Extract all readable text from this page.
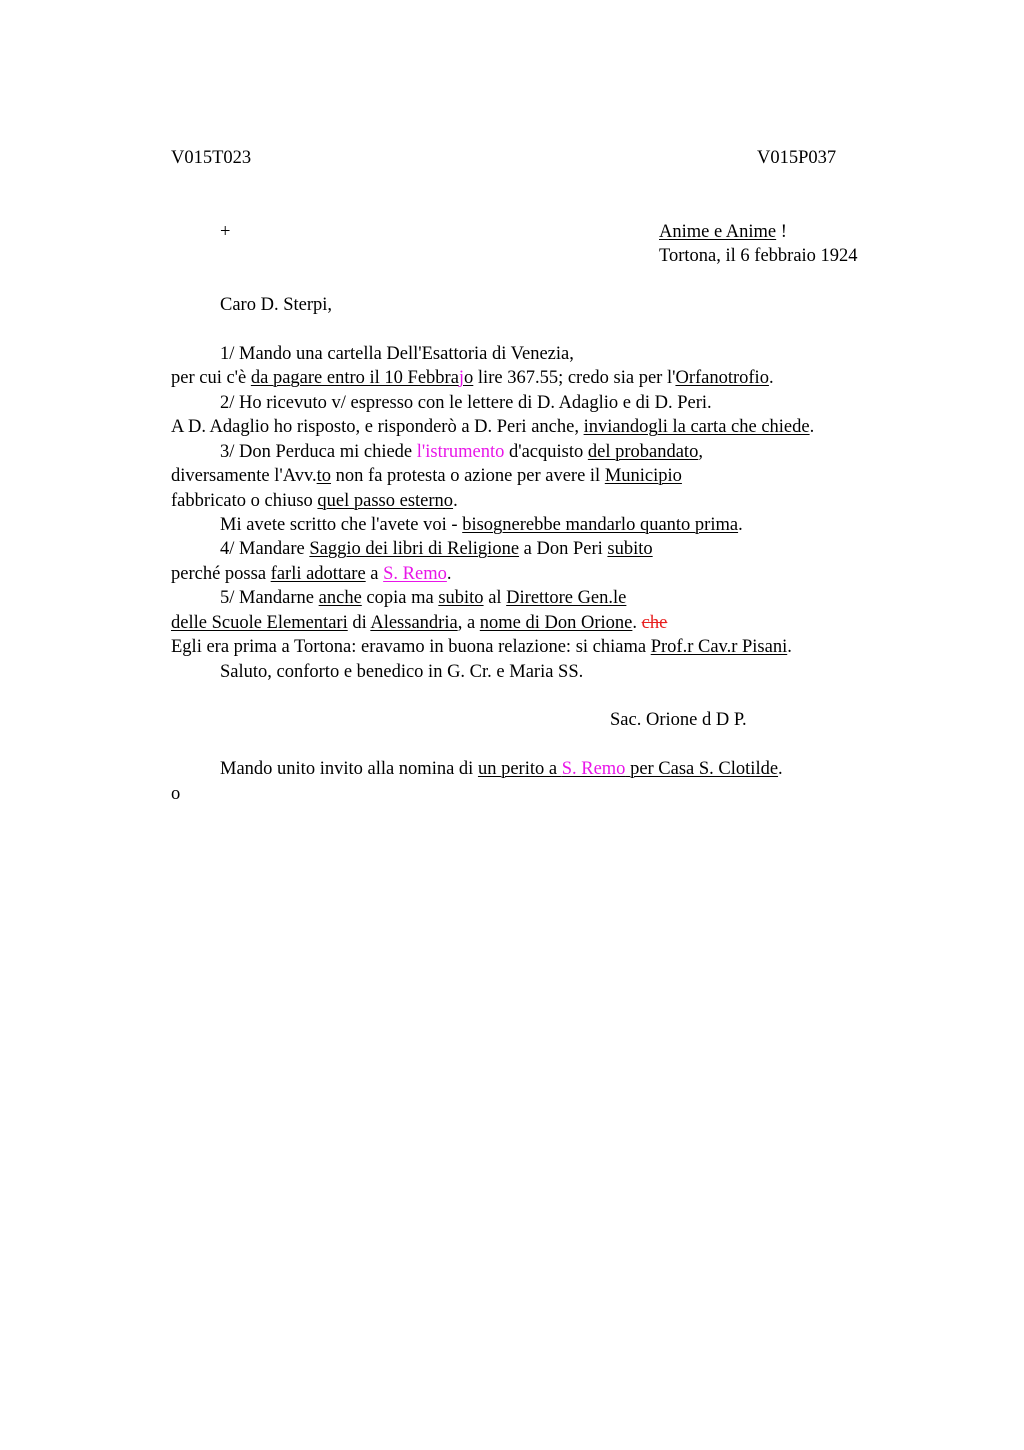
V015T023	V015P037
+	Anime e Anime !
Tortona, il 6 febbraio 1924
Caro D. Sterpi,
1/ Mando una cartella Dell'Esattoria di Venezia,
per cui c'è da pagare entro il 10 Febbrajo lire 367.55; credo sia per l'Orfanotrofio.
2/ Ho ricevuto v/ espresso con le lettere di D. Adaglio e di D. Peri.
A D. Adaglio ho risposto, e risponderò a D. Peri anche, inviandogli la carta che chiede.
3/ Don Perduca mi chiede l'istrumento d'acquisto del probandato,
diversamente l'Avv.to non fa protesta o azione per avere il Municipio
fabbricato o chiuso quel passo esterno.
Mi avete scritto che l'avete voi - bisognerebbe mandarlo quanto prima.
4/ Mandare Saggio dei libri di Religione a Don Peri subito
perché possa farli adottare a S. Remo.
5/ Mandarne anche copia ma subito al Direttore Gen.le
delle Scuole Elementari di Alessandria, a nome di Don Orione. che
Egli era prima a Tortona: eravamo in buona relazione: si chiama Prof.r Cav.r Pisani.
Saluto, conforto e benedico in G. Cr. e Maria SS.
Sac. Orione d D P.
Mando unito invito alla nomina di un perito a S. Remo per Casa S. Clotilde.
o
